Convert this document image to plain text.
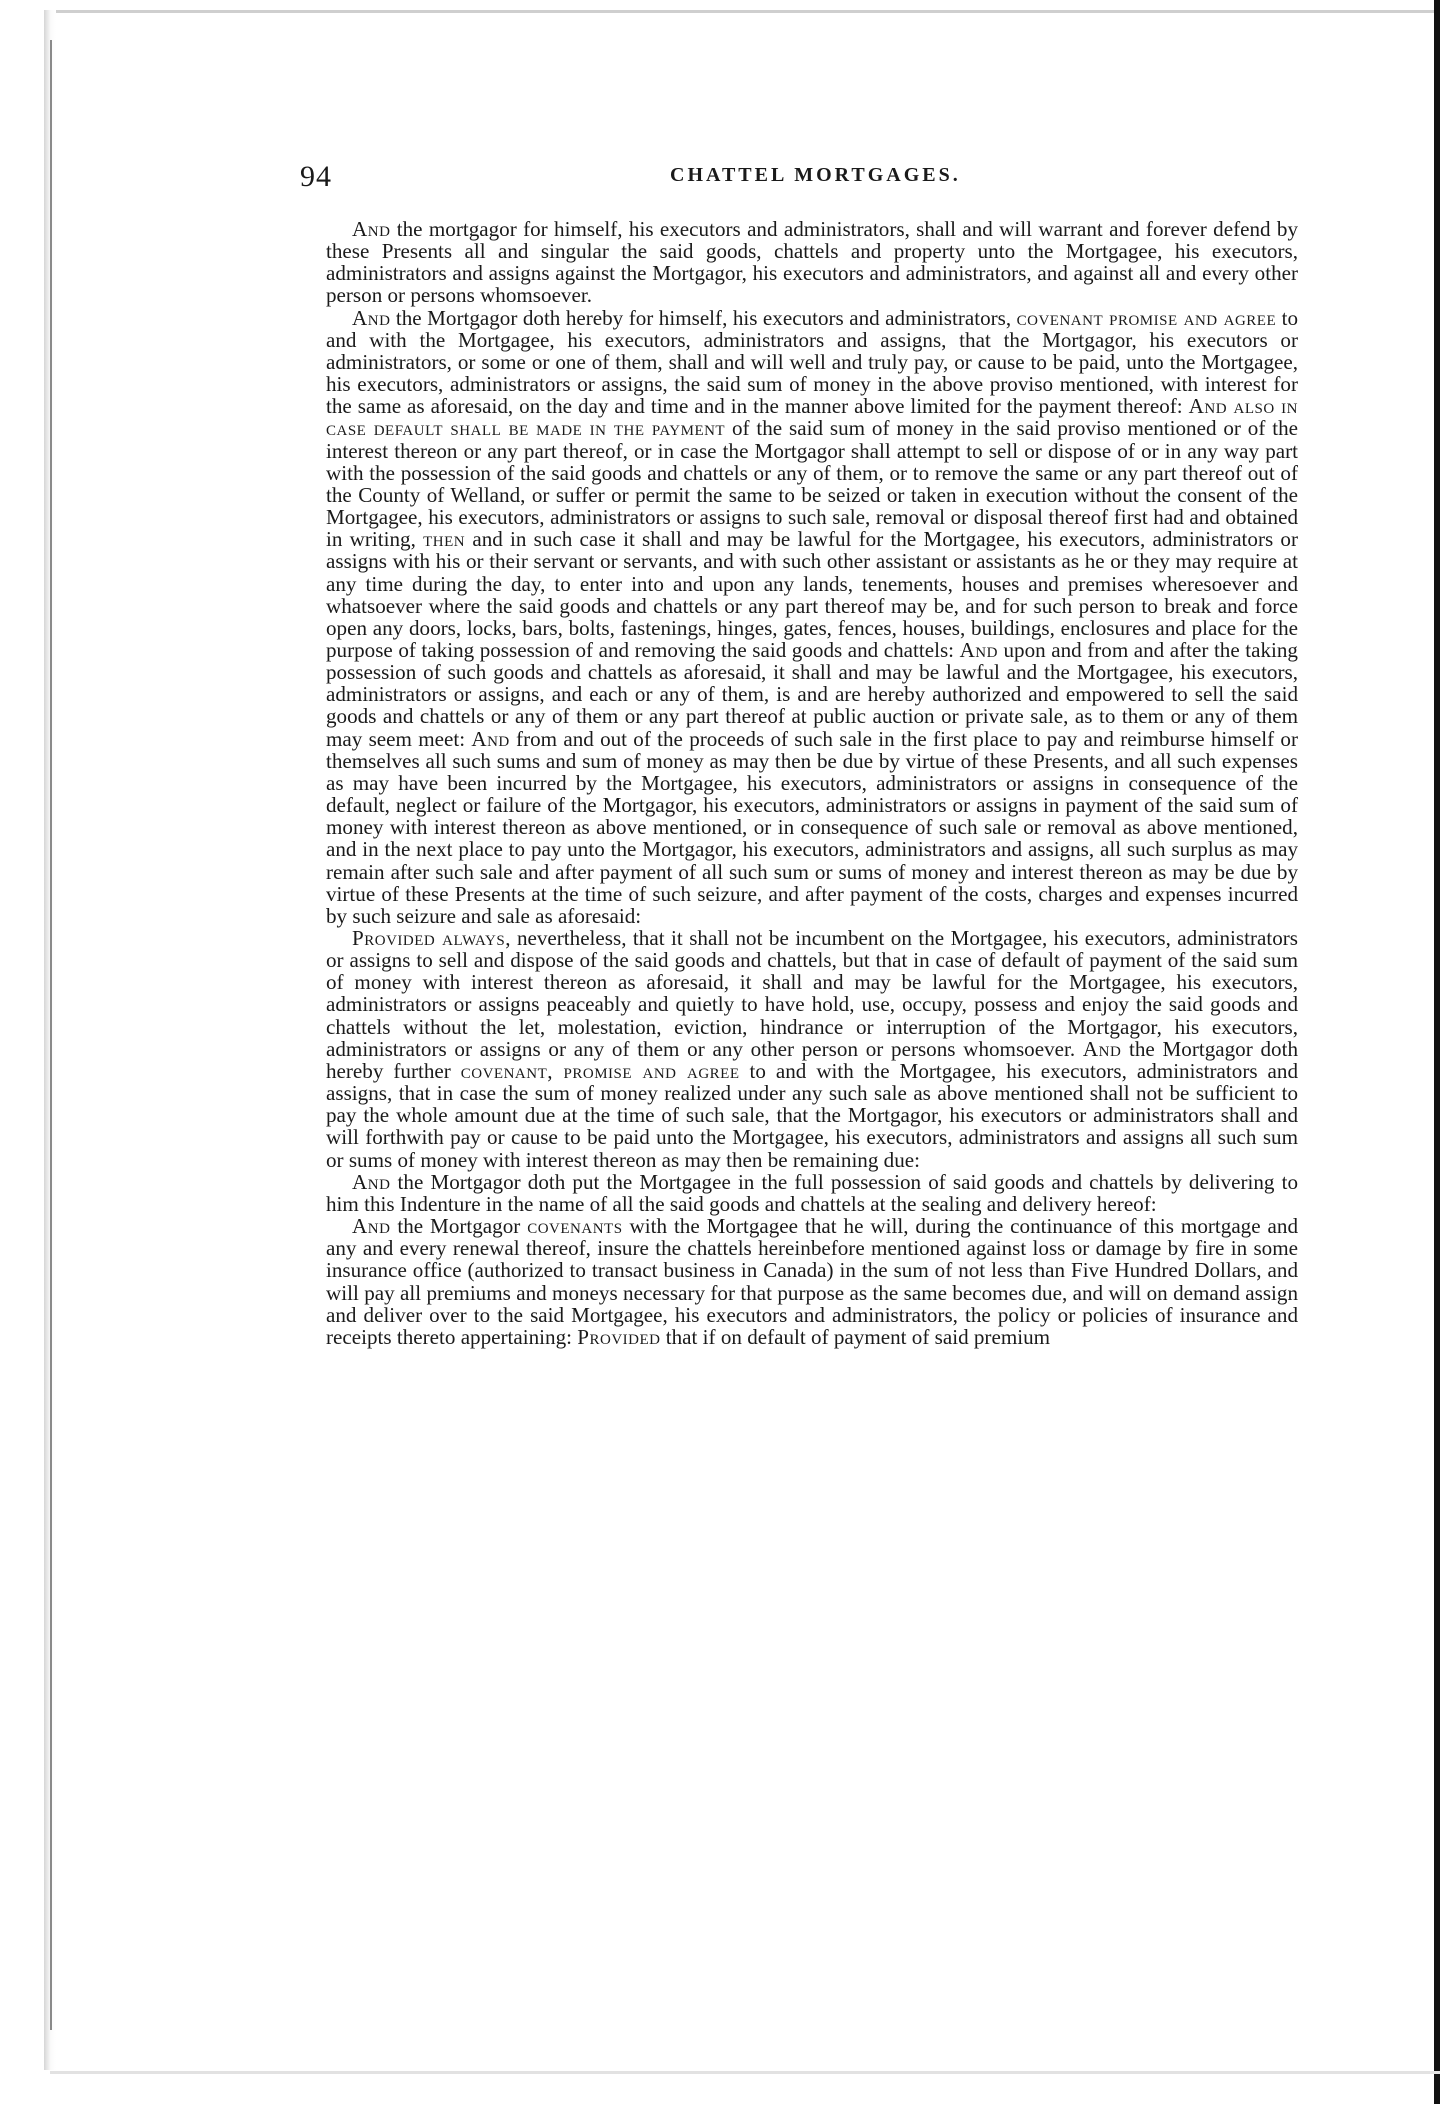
94	CHATTEL MORTGAGES.

And the mortgagor for himself, his executors and administrators, shall and will warrant and forever defend by these Presents all and singular the said goods, chattels and property unto the Mortgagee, his executors, administrators and assigns against the Mortgagor, his executors and administrators, and against all and every other person or persons whomsoever.

And the Mortgagor doth hereby for himself, his executors and administrators, covenant promise and agree to and with the Mortgagee, his executors, administrators and assigns, that the Mortgagor, his executors or administrators, or some or one of them, shall and will well and truly pay, or cause to be paid, unto the Mortgagee, his executors, administrators or assigns, the said sum of money in the above proviso mentioned, with interest for the same as aforesaid, on the day and time and in the manner above limited for the payment thereof: And also in case default shall be made in the payment of the said sum of money in the said proviso mentioned or of the interest thereon or any part thereof, or in case the Mortgagor shall attempt to sell or dispose of or in any way part with the possession of the said goods and chattels or any of them, or to remove the same or any part thereof out of the County of Welland, or suffer or permit the same to be seized or taken in execution without the consent of the Mortgagee, his executors, administrators or assigns to such sale, removal or disposal thereof first had and obtained in writing, then and in such case it shall and may be lawful for the Mortgagee, his executors, administrators or assigns with his or their servant or servants, and with such other assistant or assistants as he or they may require at any time during the day, to enter into and upon any lands, tenements, houses and premises wheresoever and whatsoever where the said goods and chattels or any part thereof may be, and for such person to break and force open any doors, locks, bars, bolts, fastenings, hinges, gates, fences, houses, buildings, enclosures and place for the purpose of taking possession of and removing the said goods and chattels: And upon and from and after the taking possession of such goods and chattels as aforesaid, it shall and may be lawful and the Mortgagee, his executors, administrators or assigns, and each or any of them, is and are hereby authorized and empowered to sell the said goods and chattels or any of them or any part thereof at public auction or private sale, as to them or any of them may seem meet: And from and out of the proceeds of such sale in the first place to pay and reimburse himself or themselves all such sums and sum of money as may then be due by virtue of these Presents, and all such expenses as may have been incurred by the Mortgagee, his executors, administrators or assigns in consequence of the default, neglect or failure of the Mortgagor, his executors, administrators or assigns in payment of the said sum of money with interest thereon as above mentioned, or in consequence of such sale or removal as above mentioned, and in the next place to pay unto the Mortgagor, his executors, administrators and assigns, all such surplus as may remain after such sale and after payment of all such sum or sums of money and interest thereon as may be due by virtue of these Presents at the time of such seizure, and after payment of the costs, charges and expenses incurred by such seizure and sale as aforesaid:

Provided always, nevertheless, that it shall not be incumbent on the Mortgagee, his executors, administrators or assigns to sell and dispose of the said goods and chattels, but that in case of default of payment of the said sum of money with interest thereon as aforesaid, it shall and may be lawful for the Mortgagee, his executors, administrators or assigns peaceably and quietly to have hold, use, occupy, possess and enjoy the said goods and chattels without the let, molestation, eviction, hindrance or interruption of the Mortgagor, his executors, administrators or assigns or any of them or any other person or persons whomsoever. And the Mortgagor doth hereby further covenant, promise and agree to and with the Mortgagee, his executors, administrators and assigns, that in case the sum of money realized under any such sale as above mentioned shall not be sufficient to pay the whole amount due at the time of such sale, that the Mortgagor, his executors or administrators shall and will forthwith pay or cause to be paid unto the Mortgagee, his executors, administrators and assigns all such sum or sums of money with interest thereon as may then be remaining due:

And the Mortgagor doth put the Mortgagee in the full possession of said goods and chattels by delivering to him this Indenture in the name of all the said goods and chattels at the sealing and delivery hereof:

And the Mortgagor covenants with the Mortgagee that he will, during the continuance of this mortgage and any and every renewal thereof, insure the chattels hereinbefore mentioned against loss or damage by fire in some insurance office (authorized to transact business in Canada) in the sum of not less than Five Hundred Dollars, and will pay all premiums and moneys necessary for that purpose as the same becomes due, and will on demand assign and deliver over to the said Mortgagee, his executors and administrators, the policy or policies of insurance and receipts thereto appertaining: Provided that if on default of payment of said premium
